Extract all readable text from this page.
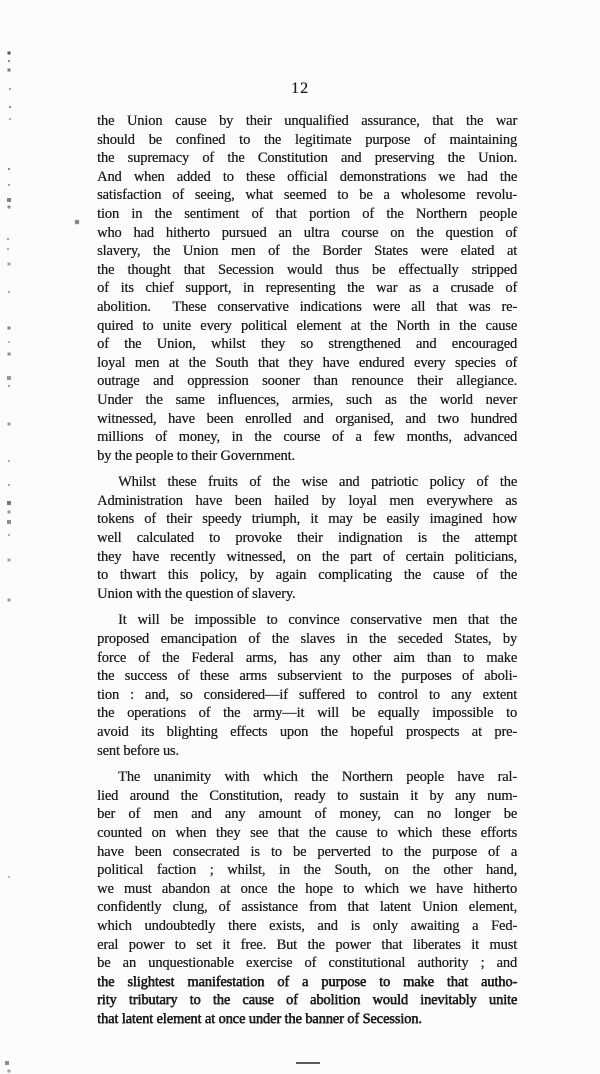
12
the Union cause by their unqualified assurance, that the war
should be confined to the legitimate purpose of maintaining
the supremacy of the Constitution and preserving the Union.
And when added to these official demonstrations we had the
satisfaction of seeing, what seemed to be a wholesome revolu-
tion in the sentiment of that portion of the Northern people
who had hitherto pursued an ultra course on the question of
slavery, the Union men of the Border States were elated at
the thought that Secession would thus be effectually stripped
of its chief support, in representing the war as a crusade of
abolition.  These conservative indications were all that was re-
quired to unite every political element at the North in the cause
of the Union, whilst they so strengthened and encouraged
loyal men at the South that they have endured every species of
outrage and oppression sooner than renounce their allegiance.
Under the same influences, armies, such as the world never
witnessed, have been enrolled and organised, and two hundred
millions of money, in the course of a few months, advanced
by the people to their Government.
Whilst these fruits of the wise and patriotic policy of the
Administration have been hailed by loyal men everywhere as
tokens of their speedy triumph, it may be easily imagined how
well calculated to provoke their indignation is the attempt
they have recently witnessed, on the part of certain politicians,
to thwart this policy, by again complicating the cause of the
Union with the question of slavery.
It will be impossible to convince conservative men that the
proposed emancipation of the slaves in the seceded States, by
force of the Federal arms, has any other aim than to make
the success of these arms subservient to the purposes of aboli-
tion : and, so considered—if suffered to control to any extent
the operations of the army—it will be equally impossible to
avoid its blighting effects upon the hopeful prospects at pre-
sent before us.
The unanimity with which the Northern people have ral-
lied around the Constitution, ready to sustain it by any num-
ber of men and any amount of money, can no longer be
counted on when they see that the cause to which these efforts
have been consecrated is to be perverted to the purpose of a
political faction ; whilst, in the South, on the other hand,
we must abandon at once the hope to which we have hitherto
confidently clung, of assistance from that latent Union element,
which undoubtedly there exists, and is only awaiting a Fed-
eral power to set it free. But the power that liberates it must
be an unquestionable exercise of constitutional authority ; and
the slightest manifestation of a purpose to make that autho-
rity tributary to the cause of abolition would inevitably unite
that latent element at once under the banner of Secession.
